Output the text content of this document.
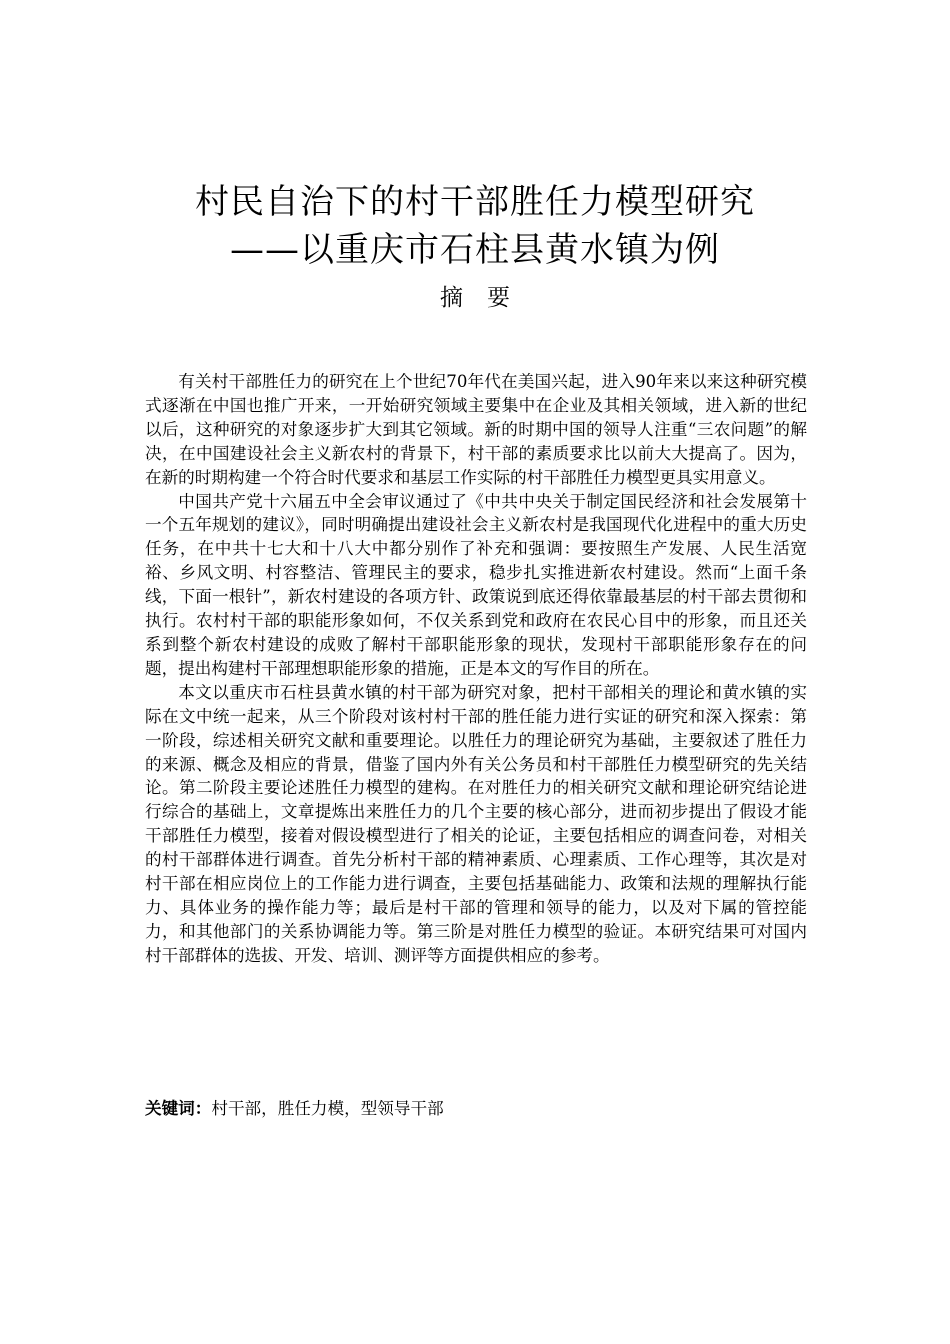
村民自治下的村干部胜任力模型研究
——以重庆市石柱县黄水镇为例
摘要

有关村干部胜任力的研究在上个世纪70年代在美国兴起，进入90年来以来这种研究模式逐渐在中国也推广开来，一开始研究领域主要集中在企业及其相关领域，进入新的世纪以后，这种研究的对象逐步扩大到其它领域。新的时期中国的领导人注重“三农问题”的解决，在中国建设社会主义新农村的背景下，村干部的素质要求比以前大大提高了。因为，在新的时期构建一个符合时代要求和基层工作实际的村干部胜任力模型更具实用意义。

中国共产党十六届五中全会审议通过了《中共中央关于制定国民经济和社会发展第十一个五年规划的建议》，同时明确提出建设社会主义新农村是我国现代化进程中的重大历史任务，在中共十七大和十八大中都分别作了补充和强调：要按照生产发展、人民生活宽裕、乡风文明、村容整洁、管理民主的要求，稳步扎实推进新农村建设。然而“上面千条线，下面一根针”，新农村建设的各项方针、政策说到底还得依靠最基层的村干部去贯彻和执行。农村村干部的职能形象如何，不仅关系到党和政府在农民心目中的形象，而且还关系到整个新农村建设的成败了解村干部职能形象的现状，发现村干部职能形象存在的问题，提出构建村干部理想职能形象的措施，正是本文的写作目的所在。

本文以重庆市石柱县黄水镇的村干部为研究对象，把村干部相关的理论和黄水镇的实际在文中统一起来，从三个阶段对该村村干部的胜任能力进行实证的研究和深入探索：第一阶段，综述相关研究文献和重要理论。以胜任力的理论研究为基础，主要叙述了胜任力的来源、概念及相应的背景，借鉴了国内外有关公务员和村干部胜任力模型研究的先关结论。第二阶段主要论述胜任力模型的建构。在对胜任力的相关研究文献和理论研究结论进行综合的基础上，文章提炼出来胜任力的几个主要的核心部分，进而初步提出了假设才能干部胜任力模型，接着对假设模型进行了相关的论证，主要包括相应的调查问卷，对相关的村干部群体进行调查。首先分析村干部的精神素质、心理素质、工作心理等，其次是对村干部在相应岗位上的工作能力进行调查，主要包括基础能力、政策和法规的理解执行能力、具体业务的操作能力等；最后是村干部的管理和领导的能力，以及对下属的管控能力，和其他部门的关系协调能力等。第三阶是对胜任力模型的验证。本研究结果可对国内村干部群体的选拔、开发、培训、测评等方面提供相应的参考。

关键词：村干部，胜任力模，型领导干部
